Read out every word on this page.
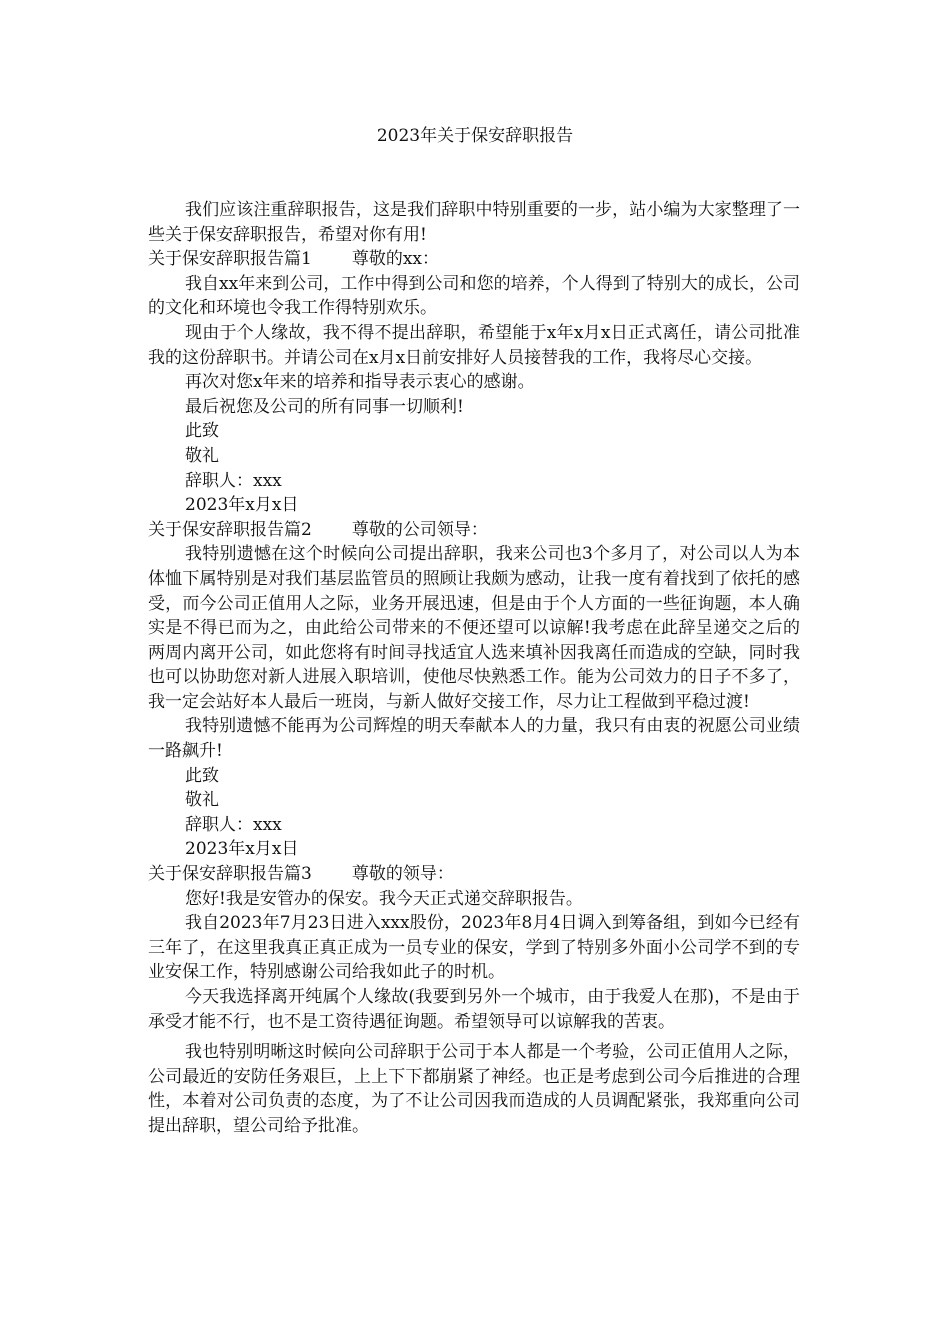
2023年关于保安辞职报告

我们应该注重辞职报告，这是我们辞职中特别重要的一步，站小编为大家整理了一些关于保安辞职报告，希望对你有用!

关于保安辞职报告篇1 尊敬的xx：

我自xx年来到公司，工作中得到公司和您的培养，个人得到了特别大的成长，公司的文化和环境也令我工作得特别欢乐。

现由于个人缘故，我不得不提出辞职，希望能于x年x月x日正式离任，请公司批准我的这份辞职书。并请公司在x月x日前安排好人员接替我的工作，我将尽心交接。

再次对您x年来的培养和指导表示衷心的感谢。

最后祝您及公司的所有同事一切顺利!

此致

敬礼

辞职人：xxx

2023年x月x日

关于保安辞职报告篇2 尊敬的公司领导：

我特别遗憾在这个时候向公司提出辞职，我来公司也3个多月了，对公司以人为本体恤下属特别是对我们基层监管员的照顾让我颇为感动，让我一度有着找到了依托的感受，而今公司正值用人之际，业务开展迅速，但是由于个人方面的一些征询题，本人确实是不得已而为之，由此给公司带来的不便还望可以谅解!我考虑在此辞呈递交之后的两周内离开公司，如此您将有时间寻找适宜人选来填补因我离任而造成的空缺，同时我也可以协助您对新人进展入职培训，使他尽快熟悉工作。能为公司效力的日子不多了，我一定会站好本人最后一班岗，与新人做好交接工作，尽力让工程做到平稳过渡!

我特别遗憾不能再为公司辉煌的明天奉献本人的力量，我只有由衷的祝愿公司业绩一路飙升!

此致

敬礼

辞职人：xxx

2023年x月x日

关于保安辞职报告篇3 尊敬的领导：

您好!我是安管办的保安。我今天正式递交辞职报告。

我自2023年7月23日进入xxx股份，2023年8月4日调入到筹备组，到如今已经有三年了，在这里我真正真正成为一员专业的保安，学到了特别多外面小公司学不到的专业安保工作，特别感谢公司给我如此子的时机。

今天我选择离开纯属个人缘故(我要到另外一个城市，由于我爱人在那)，不是由于承受才能不行，也不是工资待遇征询题。希望领导可以谅解我的苦衷。

我也特别明晰这时候向公司辞职于公司于本人都是一个考验，公司正值用人之际，公司最近的安防任务艰巨，上上下下都崩紧了神经。也正是考虑到公司今后推进的合理性，本着对公司负责的态度，为了不让公司因我而造成的人员调配紧张，我郑重向公司提出辞职，望公司给予批准。
